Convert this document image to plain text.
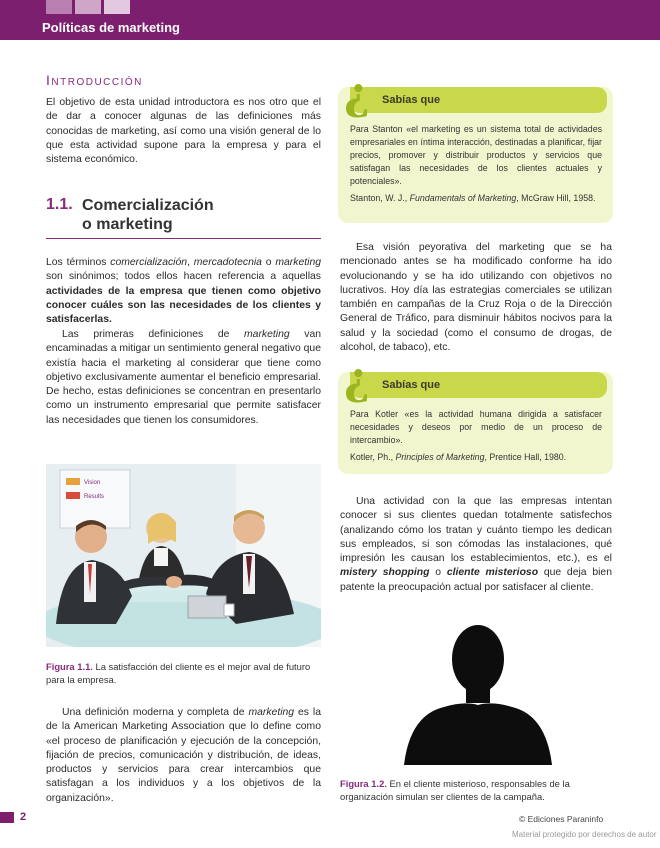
Políticas de marketing
Introducción

El objetivo de esta unidad introductora es nos otro que el de dar a conocer algunas de las definiciones más conocidas de marketing, así como una visión general de lo que esta actividad supone para la empresa y para el sistema económico.

1.1. Comercialización
o marketing

Los términos comercialización, mercadotecnia o marketing son sinónimos; todos ellos hacen referencia a aquellas actividades de la empresa que tienen como objetivo conocer cuáles son las necesidades de los clientes y satisfacerlas.

Las primeras definiciones de marketing van encaminadas a mitigar un sentimiento general negativo que existía hacia el marketing al considerar que tiene como objetivo exclusivamente aumentar el beneficio empresarial. De hecho, estas definiciones se concentran en presentarlo como un instrumento empresarial que permite satisfacer las necesidades que tienen los consumidores.

Vision
Results
Figura 1.1. La satisfacción del cliente es el mejor aval de futuro para la empresa.

Una definición moderna y completa de marketing es la de la American Marketing Association que lo define como «el proceso de planificación y ejecución de la concepción, fijación de precios, comunicación y distribución, de ideas, productos y servicios para crear intercambios que satisfagan a los individuos y a los objetivos de la organización».

¿ Sabías que
Para Stanton «el marketing es un sistema total de actividades empresariales en íntima interacción, destinadas a planificar, fijar precios, promover y distribuir productos y servicios que satisfagan las necesidades de los clientes actuales y potenciales».
Stanton, W. J., Fundamentals of Marketing, McGraw Hill, 1958.

Esa visión peyorativa del marketing que se ha mencionado antes se ha modificado conforme ha ido evolucionando y se ha ido utilizando con objetivos no lucrativos. Hoy día las estrategias comerciales se utilizan también en campañas de la Cruz Roja o de la Dirección General de Tráfico, para disminuir hábitos nocivos para la salud y la sociedad (como el consumo de drogas, de alcohol, de tabaco), etc.

¿ Sabías que
Para Kotler «es la actividad humana dirigida a satisfacer necesidades y deseos por medio de un proceso de intercambio».
Kotler, Ph., Principles of Marketing, Prentice Hall, 1980.

Una actividad con la que las empresas intentan conocer si sus clientes quedan totalmente satisfechos (analizando cómo los tratan y cuánto tiempo les dedican sus empleados, si son cómodas las instalaciones, qué impresión les causan los establecimientos, etc.), es el mistery shopping o cliente misterioso que deja bien patente la preocupación actual por satisfacer al cliente.

Figura 1.2. En el cliente misterioso, responsables de la organización simulan ser clientes de la campaña.
2	© Ediciones Paraninfo
Material protegido por derechos de autor
